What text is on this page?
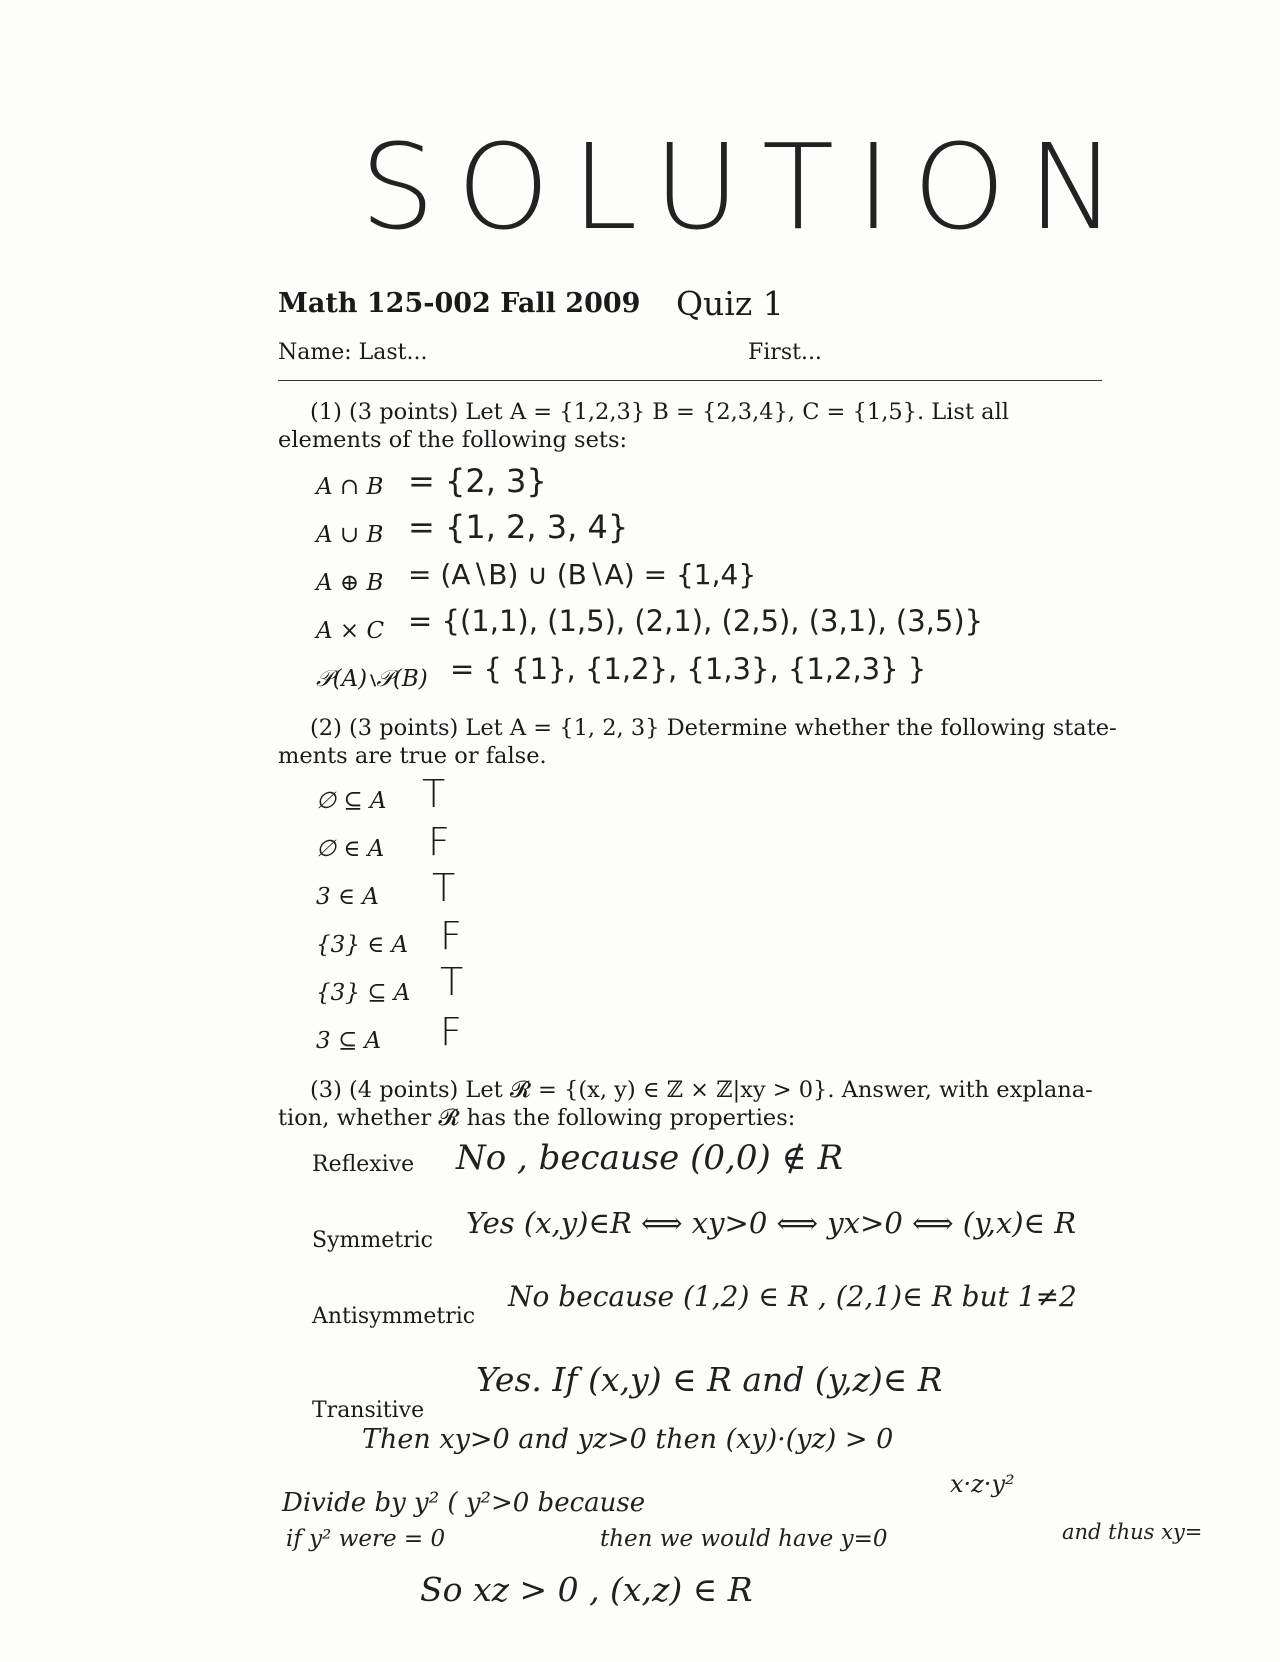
SOLUTION
Math 125-002 Fall 2009 Quiz 1
Name: Last...	First...
(1) (3 points) Let A = {1,2,3} B = {2,3,4}, C = {1,5}. List all
elements of the following sets:
A ∩ B = {2, 3}
A ∪ B = {1, 2, 3, 4}
A ⊕ B = (A∖B) ∪ (B∖A) = {1,4}
A × C = {(1,1), (1,5), (2,1), (2,5), (3,1), (3,5)}
𝒫(A)∖𝒫(B) = { {1}, {1,2}, {1,3}, {1,2,3} }
(2) (3 points) Let A = {1, 2, 3} Determine whether the following state-
ments are true or false.
∅ ⊆ A T
∅ ∈ A F
3 ∈ A T
{3} ∈ A F
{3} ⊆ A T
3 ⊆ A F
(3) (4 points) Let 𝓡 = {(x, y) ∈ ℤ × ℤ|xy > 0}. Answer, with explana-
tion, whether 𝓡 has the following properties:
Reflexive No , because (0,0) ∉ R
Symmetric
Yes (x,y)∈R ⟺ xy>0 ⟺ yx>0 ⟺ (y,x)∈ R
Antisymmetric
No because (1,2) ∈ R , (2,1)∈ R but 1≠2
Transitive
Yes. If (x,y) ∈ R and (y,z)∈ R
Then xy>0 and yz>0 then (xy)·(yz) > 0
x·z·y²
Divide by y² ( y²>0 because
if y² were = 0	then we would have y=0	and thus xy=
So xz > 0 , (x,z) ∈ R
